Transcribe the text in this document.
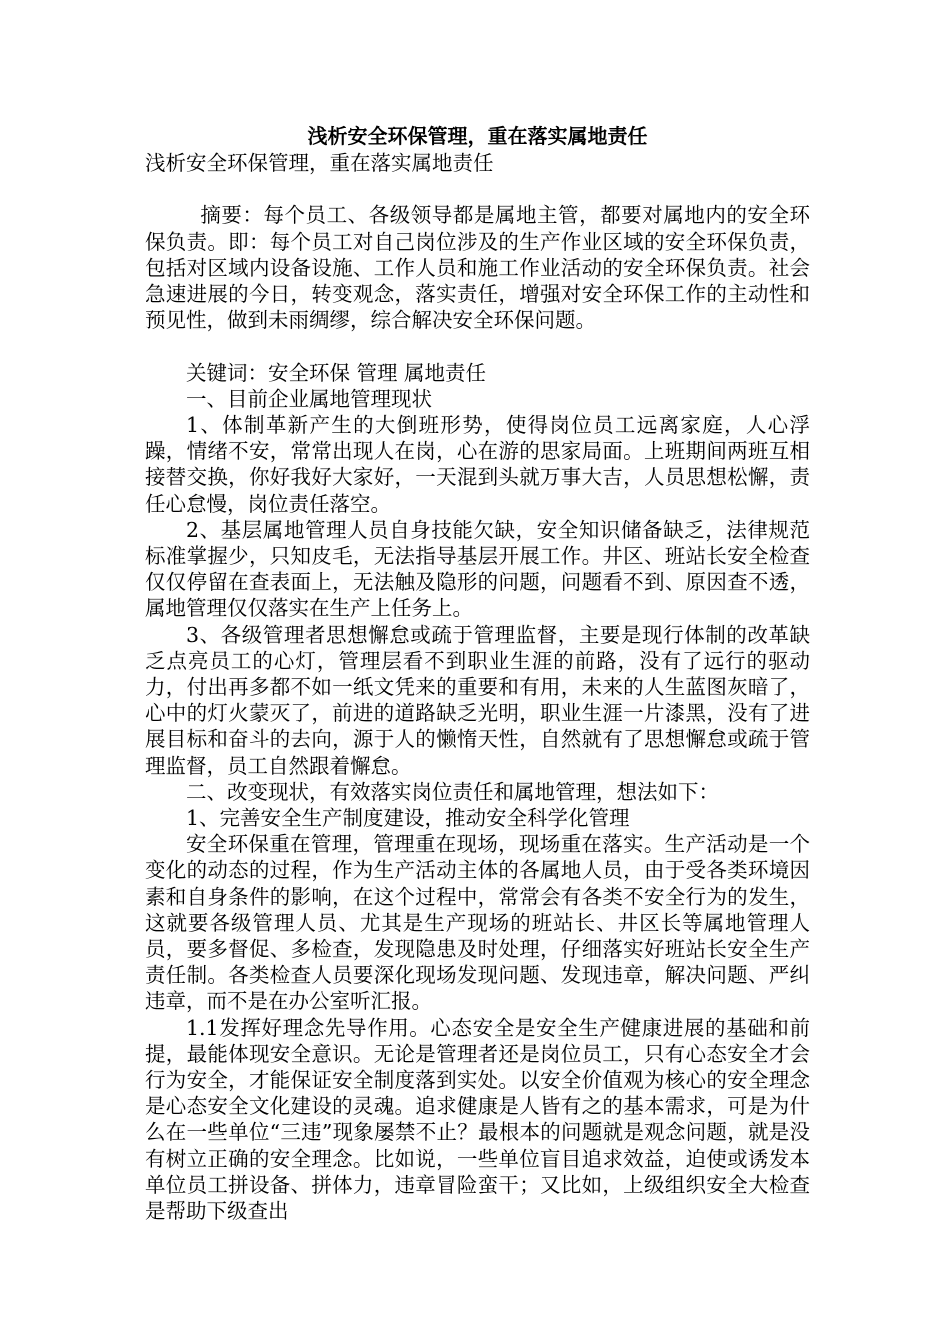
浅析安全环保管理，重在落实属地责任

浅析安全环保管理，重在落实属地责任

摘要：每个员工、各级领导都是属地主管，都要对属地内的安全环保负责。即：每个员工对自己岗位涉及的生产作业区域的安全环保负责，包括对区域内设备设施、工作人员和施工作业活动的安全环保负责。社会急速进展的今日，转变观念，落实责任，增强对安全环保工作的主动性和预见性，做到未雨绸缪，综合解决安全环保问题。

关键词：安全环保 管理 属地责任

一、目前企业属地管理现状

1、体制革新产生的大倒班形势，使得岗位员工远离家庭，人心浮躁，情绪不安，常常出现人在岗，心在游的思家局面。上班期间两班互相接替交换，你好我好大家好，一天混到头就万事大吉，人员思想松懈，责任心怠慢，岗位责任落空。

2、基层属地管理人员自身技能欠缺，安全知识储备缺乏，法律规范标准掌握少，只知皮毛，无法指导基层开展工作。井区、班站长安全检查仅仅停留在查表面上，无法触及隐形的问题，问题看不到、原因查不透，属地管理仅仅落实在生产上任务上。

3、各级管理者思想懈怠或疏于管理监督，主要是现行体制的改革缺乏点亮员工的心灯，管理层看不到职业生涯的前路，没有了远行的驱动力，付出再多都不如一纸文凭来的重要和有用，未来的人生蓝图灰暗了，心中的灯火蒙灭了，前进的道路缺乏光明，职业生涯一片漆黑，没有了进展目标和奋斗的去向，源于人的懒惰天性，自然就有了思想懈怠或疏于管理监督，员工自然跟着懈怠。

二、改变现状，有效落实岗位责任和属地管理，想法如下：

1、完善安全生产制度建设，推动安全科学化管理

安全环保重在管理，管理重在现场，现场重在落实。生产活动是一个变化的动态的过程，作为生产活动主体的各属地人员，由于受各类环境因素和自身条件的影响，在这个过程中，常常会有各类不安全行为的发生，这就要各级管理人员、尤其是生产现场的班站长、井区长等属地管理人员，要多督促、多检查，发现隐患及时处理，仔细落实好班站长安全生产责任制。各类检查人员要深化现场发现问题、发现违章，解决问题、严纠违章，而不是在办公室听汇报。

1.1发挥好理念先导作用。心态安全是安全生产健康进展的基础和前提，最能体现安全意识。无论是管理者还是岗位员工，只有心态安全才会行为安全，才能保证安全制度落到实处。以安全价值观为核心的安全理念是心态安全文化建设的灵魂。追求健康是人皆有之的基本需求，可是为什么在一些单位“三违”现象屡禁不止？最根本的问题就是观念问题，就是没有树立正确的安全理念。比如说，一些单位盲目追求效益，迫使或诱发本单位员工拼设备、拼体力，违章冒险蛮干；又比如，上级组织安全大检查是帮助下级查出
